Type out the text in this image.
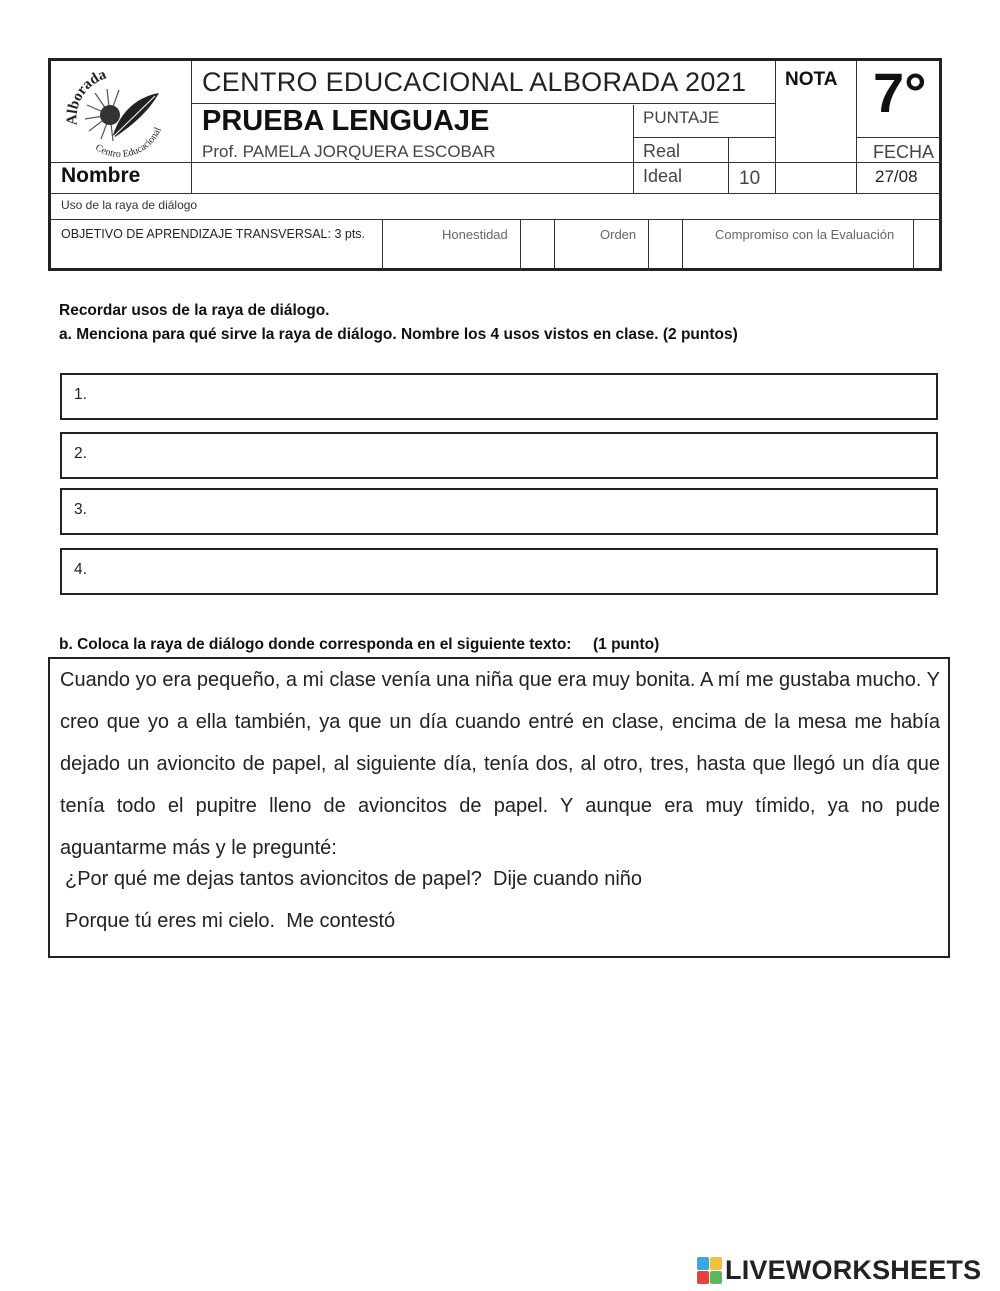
Alborada
Centro Educacional
CENTRO EDUCACIONAL ALBORADA 2021
PRUEBA LENGUAJE
Prof. PAMELA JORQUERA ESCOBAR
PUNTAJE
Real
Ideal	10
NOTA 7°
FECHA
27/08
Nombre
Uso de la raya de diálogo
OBJETIVO DE APRENDIZAJE TRANSVERSAL: 3 pts.	Honestidad	Orden	Compromiso con la Evaluación
Recordar usos de la raya de diálogo.
a. Menciona para qué sirve la raya de diálogo. Nombre los 4 usos vistos en clase. (2 puntos)
1.
2.
3.
4.
b. Coloca la raya de diálogo donde corresponda en el siguiente texto:     (1 punto)
Cuando yo era pequeño, a mi clase venía una niña que era muy bonita. A mí me gustaba mucho. Y creo que yo a ella también, ya que un día cuando entré en clase, encima de la mesa me había dejado un avioncito de papel, al siguiente día, tenía dos, al otro, tres, hasta que llegó un día que tenía todo el pupitre lleno de avioncitos de papel. Y aunque era muy tímido, ya no pude aguantarme más y le pregunté:
¿Por qué me dejas tantos avioncitos de papel?  Dije cuando niño
Porque tú eres mi cielo.  Me contestó
LIVEWORKSHEETS
